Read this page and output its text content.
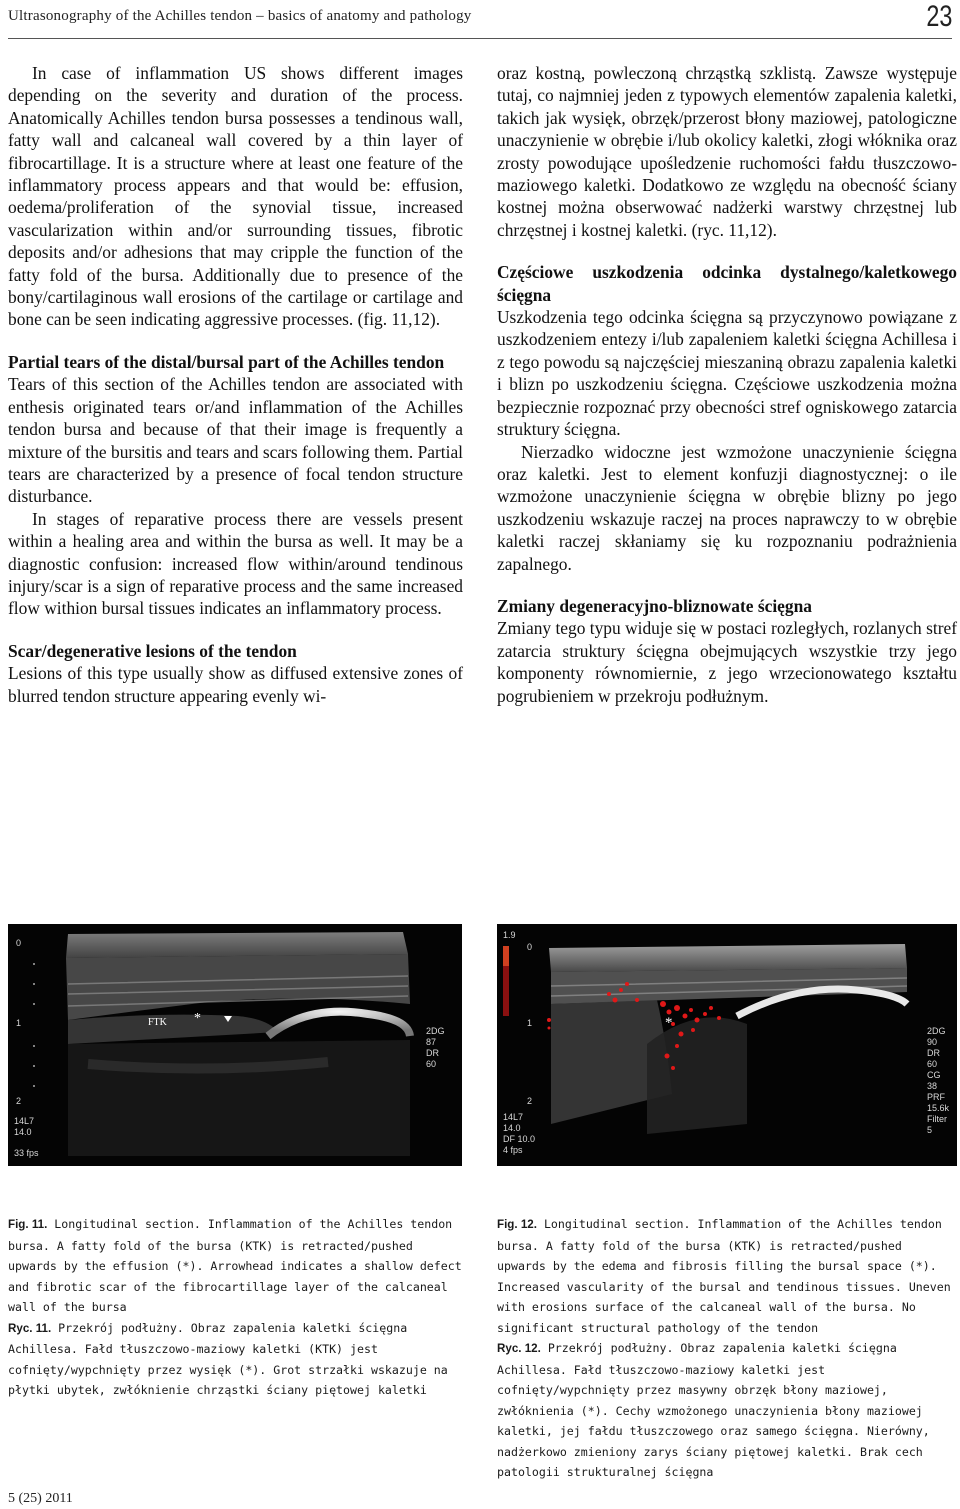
Ultrasonography of the Achilles tendon – basics of anatomy and pathology	23

In case of inflammation US shows different images depending on the severity and duration of the process. Anatomically Achilles tendon bursa possesses a tendinous wall, fatty wall and calcaneal wall covered by a thin layer of fibrocartillage. It is a structure where at least one feature of the inflammatory process appears and that would be: effusion, oedema/proliferation of the synovial tissue, increased vascularization within and/or surrounding tissues, fibrotic deposits and/or adhesions that may cripple the function of the fatty fold of the bursa. Additionally due to presence of the bony/cartilaginous wall erosions of the cartilage or cartilage and bone can be seen indicating aggressive processes. (fig. 11,12).

Partial tears of the distal/bursal part of the Achilles tendon

Tears of this section of the Achilles tendon are associated with enthesis originated tears or/and inflammation of the Achilles tendon bursa and because of that their image is frequently a mixture of the bursitis and tears and scars following them. Partial tears are characterized by a presence of focal tendon structure disturbance.

In stages of reparative process there are vessels present within a healing area and within the bursa as well. It may be a diagnostic confusion: increased flow within/around tendinous injury/scar is a sign of reparative process and the same increased flow withion bursal tissues indicates an inflammatory process.

Scar/degenerative lesions of the tendon

Lesions of this type usually show as diffused extensive zones of blurred tendon structure appearing evenly wi-

oraz kostną, powleczoną chrząstką szklistą. Zawsze występuje tutaj, co najmniej jeden z typowych elementów zapalenia kaletki, takich jak wysięk, obrzęk/przerost błony maziowej, patologiczne unaczynienie w obrębie i/lub okolicy kaletki, złogi włóknika oraz zrosty powodujące upośledzenie ruchomości fałdu tłuszczowo-maziowego kaletki. Dodatkowo ze względu na obecność ściany kostnej można obserwować nadżerki warstwy chrzęstnej lub chrzęstnej i kostnej kaletki. (ryc. 11,12).

Częściowe uszkodzenia odcinka dystalnego/kaletkowego ścięgna

Uszkodzenia tego odcinka ścięgna są przyczynowo powiązane z uszkodzeniem entezy i/lub zapaleniem kaletki ścięgna Achillesa i z tego powodu są najczęściej mieszaniną obrazu zapalenia kaletki i blizn po uszkodzeniu ścięgna. Częściowe uszkodzenia można bezpiecznie rozpoznać przy obecności stref ogniskowego zatarcia struktury ścięgna.

Nierzadko widoczne jest wzmożone unaczynienie ścięgna oraz kaletki. Jest to element konfuzji diagnostycznej: o ile wzmożone unaczynienie ścięgna w obrębie blizny po jego uszkodzeniu wskazuje raczej na proces naprawczy to w obrębie kaletki raczej skłaniamy się ku rozpoznaniu podrażnienia zapalnego.

Zmiany degeneracyjno-bliznowate ścięgna

Zmiany tego typu widuje się w postaci rozległych, rozlanych stref zatarcia struktury ścięgna obejmujących wszystkie trzy jego komponenty równomiernie, z jego wrzecionowatego kształtu pogrubieniem w przekroju podłużnym.

FTK *
0
1
2
2DG
87
DR
60
14L7
14.0
33 fps
*
1.9
0
1
2
2DG
90
DR
60
CG
38
PRF
15.6k
Filter
5
14L7
14.0
DF 10.0
4 fps

Fig. 11. Longitudinal section. Inflammation of the Achilles tendon bursa. A fatty fold of the bursa (KTK) is retracted/pushed upwards by the effusion (*). Arrowhead indicates a shallow defect and fibrotic scar of the fibrocartillage layer of the calcaneal wall of the bursa

Ryc. 11. Przekrój podłużny. Obraz zapalenia kaletki ścięgna Achillesa. Fałd tłuszczowo-maziowy kaletki (KTK) jest cofnięty/wypchnięty przez wysięk (*). Grot strzałki wskazuje na płytki ubytek, zwłóknienie chrząstki ściany piętowej kaletki

Fig. 12. Longitudinal section. Inflammation of the Achilles tendon bursa. A fatty fold of the bursa (KTK) is retracted/pushed upwards by the edema and fibrosis filling the bursal space (*). Increased vascularity of the bursal and tendinous tissues. Uneven with erosions surface of the calcaneal wall of the bursa. No significant structural pathology of the tendon

Ryc. 12. Przekrój podłużny. Obraz zapalenia kaletki ścięgna Achillesa. Fałd tłuszczowo-maziowy kaletki jest cofnięty/wypchnięty przez masywny obrzęk błony maziowej, zwłóknienia (*). Cechy wzmożonego unaczynienia błony maziowej kaletki, jej fałdu tłuszczowego oraz samego ścięgna. Nierówny, nadżerkowo zmieniony zarys ściany piętowej kaletki. Brak cech patologii strukturalnej ścięgna

5 (25) 2011
